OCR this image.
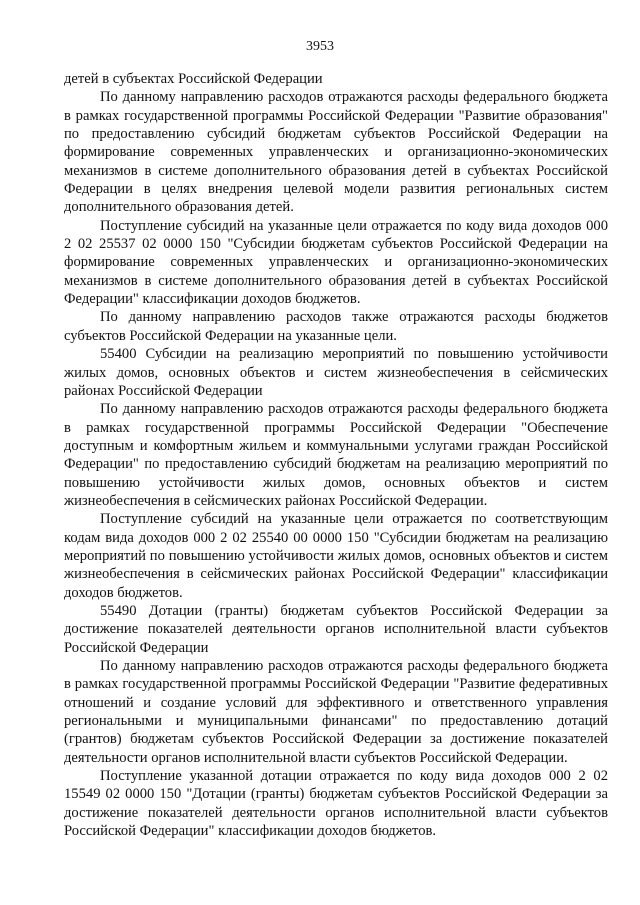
3953

детей в субъектах Российской Федерации

По данному направлению расходов отражаются расходы федерального бюджета в рамках государственной программы Российской Федерации "Развитие образования" по предоставлению субсидий бюджетам субъектов Российской Федерации на формирование современных управленческих и организационно-экономических механизмов в системе дополнительного образования детей в субъектах Российской Федерации в целях внедрения целевой модели развития региональных систем дополнительного образования детей.

Поступление субсидий на указанные цели отражается по коду вида доходов 000 2 02 25537 02 0000 150 "Субсидии бюджетам субъектов Российской Федерации на формирование современных управленческих и организационно-экономических механизмов в системе дополнительного образования детей в субъектах Российской Федерации" классификации доходов бюджетов.

По данному направлению расходов также отражаются расходы бюджетов субъектов Российской Федерации на указанные цели.

55400 Субсидии на реализацию мероприятий по повышению устойчивости жилых домов, основных объектов и систем жизнеобеспечения в сейсмических районах Российской Федерации

По данному направлению расходов отражаются расходы федерального бюджета в рамках государственной программы Российской Федерации "Обеспечение доступным и комфортным жильем и коммунальными услугами граждан Российской Федерации" по предоставлению субсидий бюджетам на реализацию мероприятий по повышению устойчивости жилых домов, основных объектов и систем жизнеобеспечения в сейсмических районах Российской Федерации.

Поступление субсидий на указанные цели отражается по соответствующим кодам вида доходов 000 2 02 25540 00 0000 150 "Субсидии бюджетам на реализацию мероприятий по повышению устойчивости жилых домов, основных объектов и систем жизнеобеспечения в сейсмических районах Российской Федерации" классификации доходов бюджетов.

55490 Дотации (гранты) бюджетам субъектов Российской Федерации за достижение показателей деятельности органов исполнительной власти субъектов Российской Федерации

По данному направлению расходов отражаются расходы федерального бюджета в рамках государственной программы Российской Федерации "Развитие федеративных отношений и создание условий для эффективного и ответственного управления региональными и муниципальными финансами" по предоставлению дотаций (грантов) бюджетам субъектов Российской Федерации за достижение показателей деятельности органов исполнительной власти субъектов Российской Федерации.

Поступление указанной дотации отражается по коду вида доходов 000 2 02 15549 02 0000 150 "Дотации (гранты) бюджетам субъектов Российской Федерации за достижение показателей деятельности органов исполнительной власти субъектов Российской Федерации" классификации доходов бюджетов.
